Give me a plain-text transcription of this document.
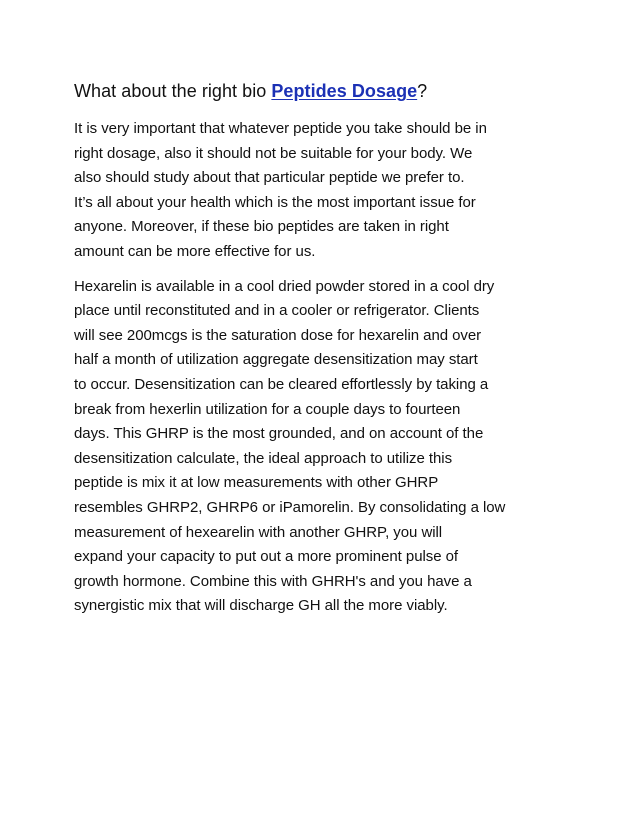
What about the right bio Peptides Dosage?

It is very important that whatever peptide you take should be in
right dosage, also it should not be suitable for your body. We
also should study about that particular peptide we prefer to.
It’s all about your health which is the most important issue for
anyone. Moreover, if these bio peptides are taken in right
amount can be more effective for us.

Hexarelin is available in a cool dried powder stored in a cool dry
place until reconstituted and in a cooler or refrigerator. Clients
will see 200mcgs is the saturation dose for hexarelin and over
half a month of utilization aggregate desensitization may start
to occur. Desensitization can be cleared effortlessly by taking a
break from hexerlin utilization for a couple days to fourteen
days. This GHRP is the most grounded, and on account of the
desensitization calculate, the ideal approach to utilize this
peptide is mix it at low measurements with other GHRP
resembles GHRP2, GHRP6 or iPamorelin. By consolidating a low
measurement of hexearelin with another GHRP, you will
expand your capacity to put out a more prominent pulse of
growth hormone. Combine this with GHRH's and you have a
synergistic mix that will discharge GH all the more viably.
